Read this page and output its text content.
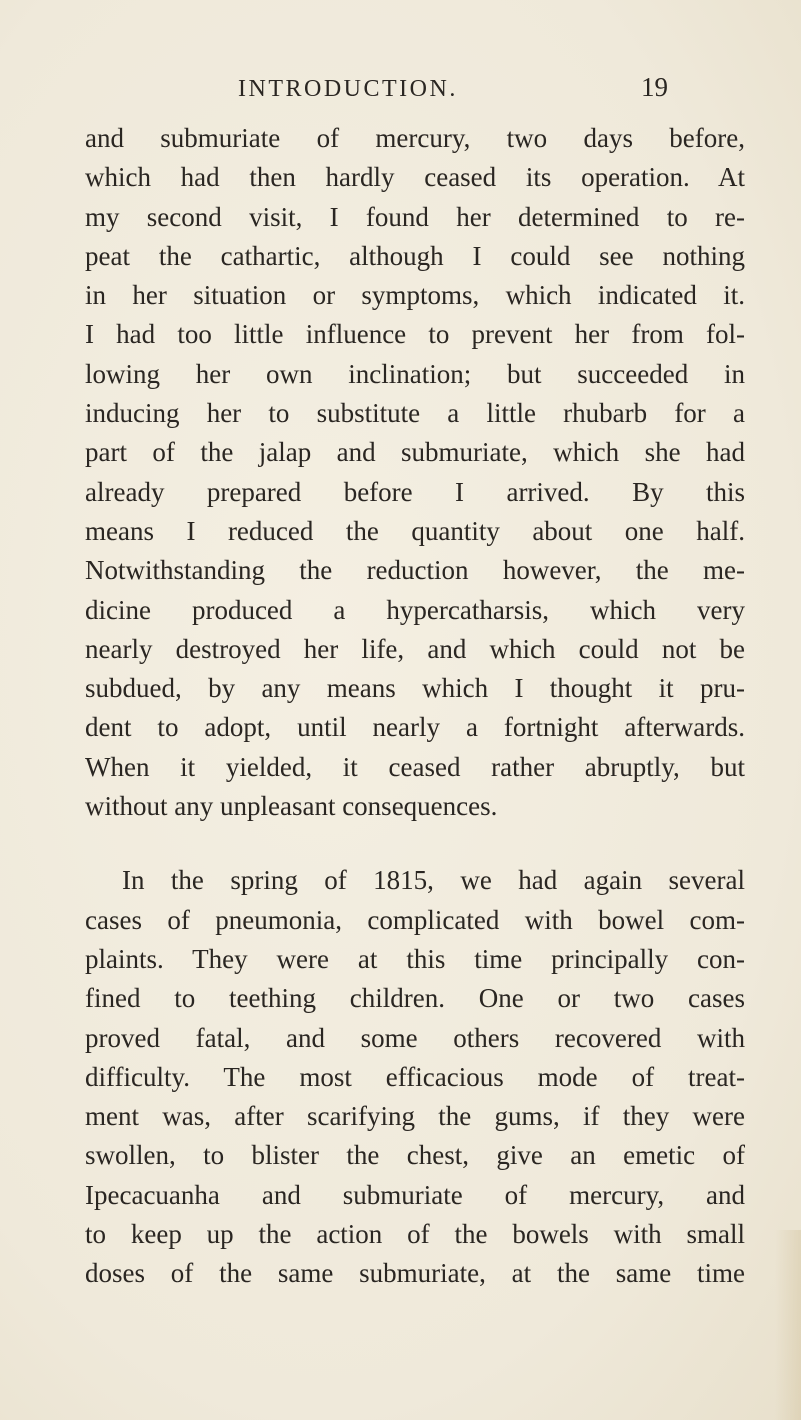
INTRODUCTION.	19
and submuriate of mercury, two days before,
which had then hardly ceased its operation. At
my second visit, I found her determined to re-
peat the cathartic, although I could see nothing
in her situation or symptoms, which indicated it.
I had too little influence to prevent her from fol-
lowing her own inclination; but succeeded in
inducing her to substitute a little rhubarb for a
part of the jalap and submuriate, which she had
already prepared before I arrived. By this
means I reduced the quantity about one half.
Notwithstanding the reduction however, the me-
dicine produced a hypercatharsis, which very
nearly destroyed her life, and which could not be
subdued, by any means which I thought it pru-
dent to adopt, until nearly a fortnight afterwards.
When it yielded, it ceased rather abruptly, but
without any unpleasant consequences.
In the spring of 1815, we had again several
cases of pneumonia, complicated with bowel com-
plaints. They were at this time principally con-
fined to teething children. One or two cases
proved fatal, and some others recovered with
difficulty. The most efficacious mode of treat-
ment was, after scarifying the gums, if they were
swollen, to blister the chest, give an emetic of
Ipecacuanha and submuriate of mercury, and
to keep up the action of the bowels with small
doses of the same submuriate, at the same time
